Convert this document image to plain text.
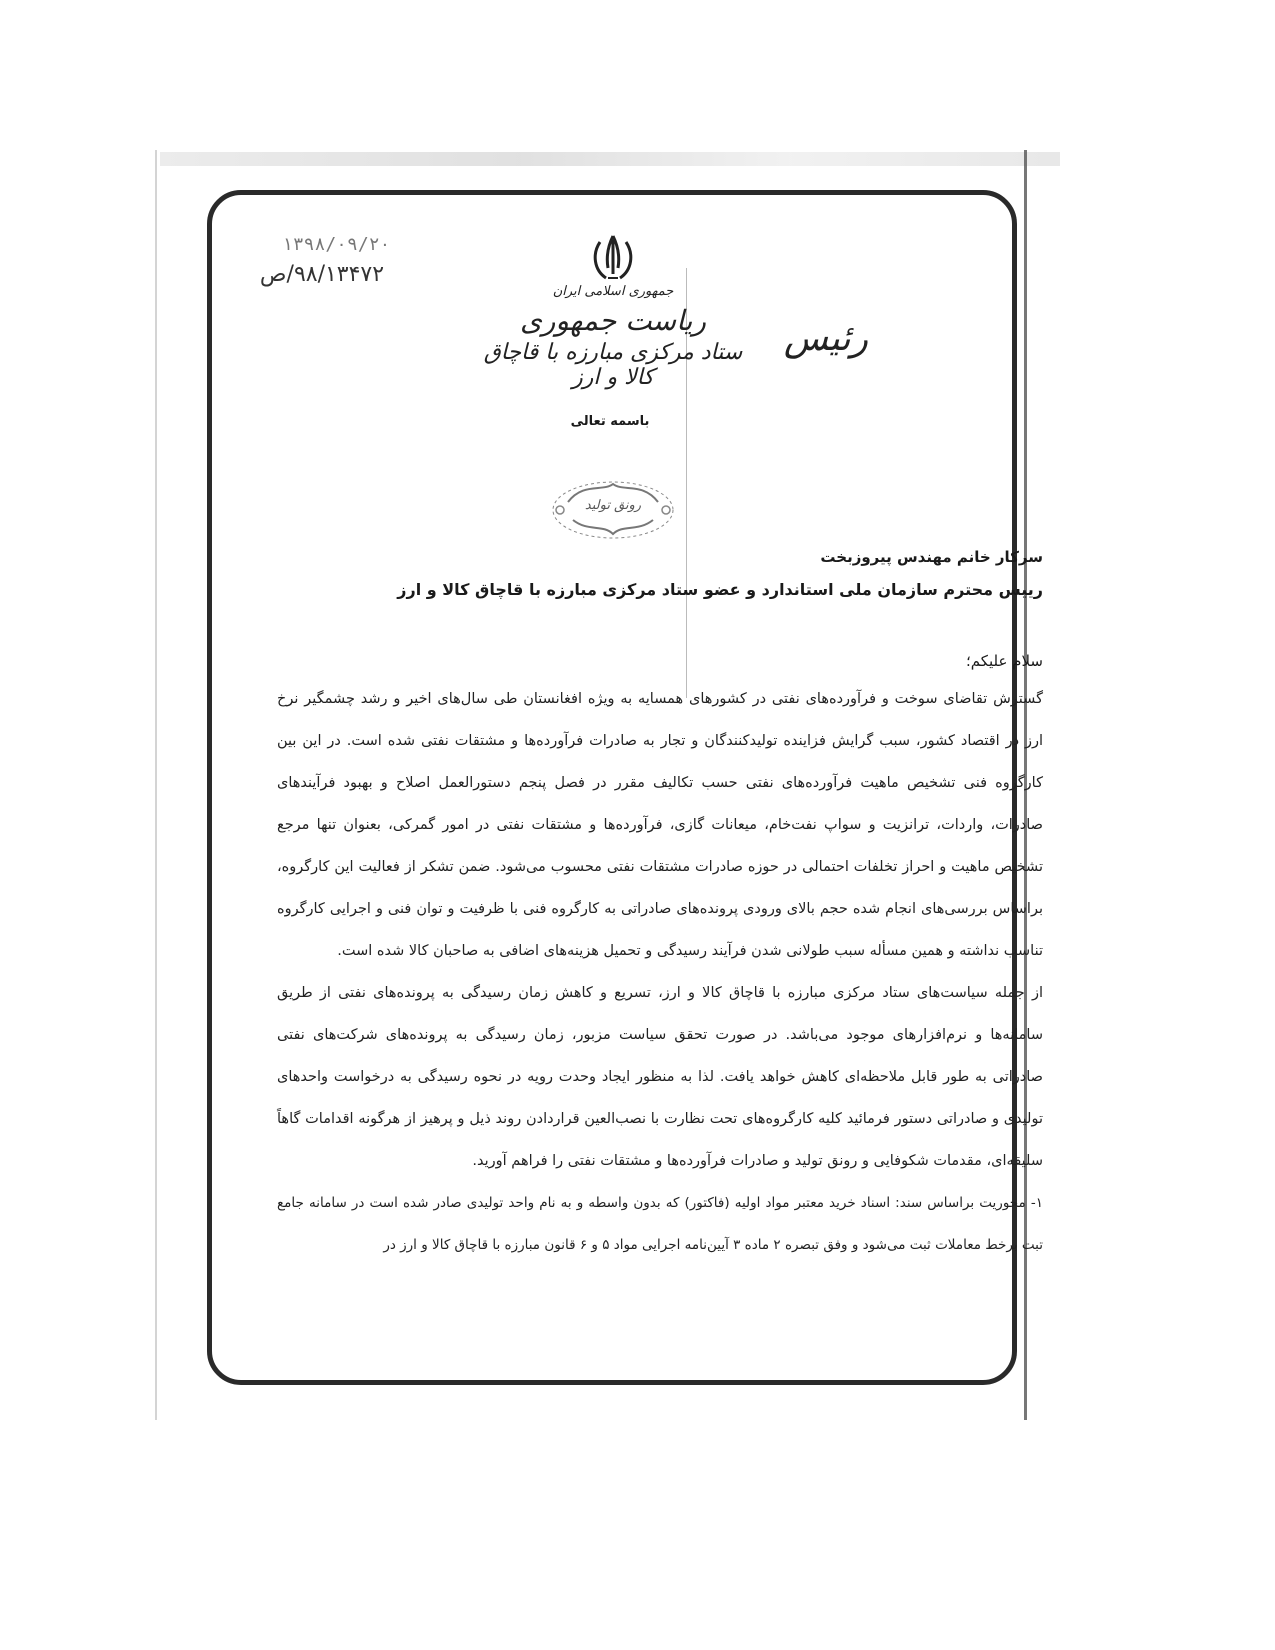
۱۳۹۸/۰۹/۲۰
۹۸/۱۳۴۷۲/ص
جمهوری اسلامی ایران
ریاست جمهوری
ستاد مرکزی مبارزه با قاچاق کالا و ارز
رئیس
باسمه تعالی
رونق تولید
سرکار خانم مهندس پیروزبخت
رییس محترم سازمان ملی استاندارد و عضو ستاد مرکزی مبارزه با قاچاق کالا و ارز
سلام علیکم؛
گسترش تقاضای سوخت و فرآورده‌های نفتی در کشورهای همسایه به ویژه افغانستان طی سال‌های اخیر و رشد چشمگیر نرخ ارز در اقتصاد کشور، سبب گرایش فزاینده تولیدکنندگان و تجار به صادرات فرآورده‌ها و مشتقات نفتی شده است. در این بین کارگروه فنی تشخیص ماهیت فرآورده‌های نفتی حسب تکالیف مقرر در فصل پنجم دستورالعمل اصلاح و بهبود فرآیندهای صادرات، واردات، ترانزیت و سواپ نفت‌خام، میعانات گازی، فرآورده‌ها و مشتقات نفتی در امور گمرکی، بعنوان تنها مرجع تشخیص ماهیت و احراز تخلفات احتمالی در حوزه صادرات مشتقات نفتی محسوب می‌شود. ضمن تشکر از فعالیت این کارگروه، براساس بررسی‌های انجام شده حجم بالای ورودی پرونده‌های صادراتی به کارگروه فنی با ظرفیت و توان فنی و اجرایی کارگروه تناسب نداشته و همین مسأله سبب طولانی شدن فرآیند رسیدگی و تحمیل هزینه‌های اضافی به صاحبان کالا شده است.
از جمله سیاست‌های ستاد مرکزی مبارزه با قاچاق کالا و ارز، تسریع و کاهش زمان رسیدگی به پرونده‌های نفتی از طریق سامانه‌ها و نرم‌افزارهای موجود می‌باشد. در صورت تحقق سیاست مزبور، زمان رسیدگی به پرونده‌های شرکت‌های نفتی صادراتی به طور قابل ملاحظه‌ای کاهش خواهد یافت. لذا به منظور ایجاد وحدت رویه در نحوه رسیدگی به درخواست واحدهای تولیدی و صادراتی دستور فرمائید کلیه کارگروه‌های تحت نظارت با نصب‌العین قراردادن روند ذیل و پرهیز از هرگونه اقدامات گاهاً سلیقه‌ای، مقدمات شکوفایی و رونق تولید و صادرات فرآورده‌ها و مشتقات نفتی را فراهم آورید.
۱- محوریت براساس سند: اسناد خرید معتبر مواد اولیه (فاکتور) که بدون واسطه و به نام واحد تولیدی صادر شده است در سامانه جامع تبت برخط معاملات ثبت می‌شود و وفق تبصره ۲ ماده ۳ آیین‌نامه اجرایی مواد ۵ و ۶ قانون مبارزه با قاچاق کالا و ارز در
